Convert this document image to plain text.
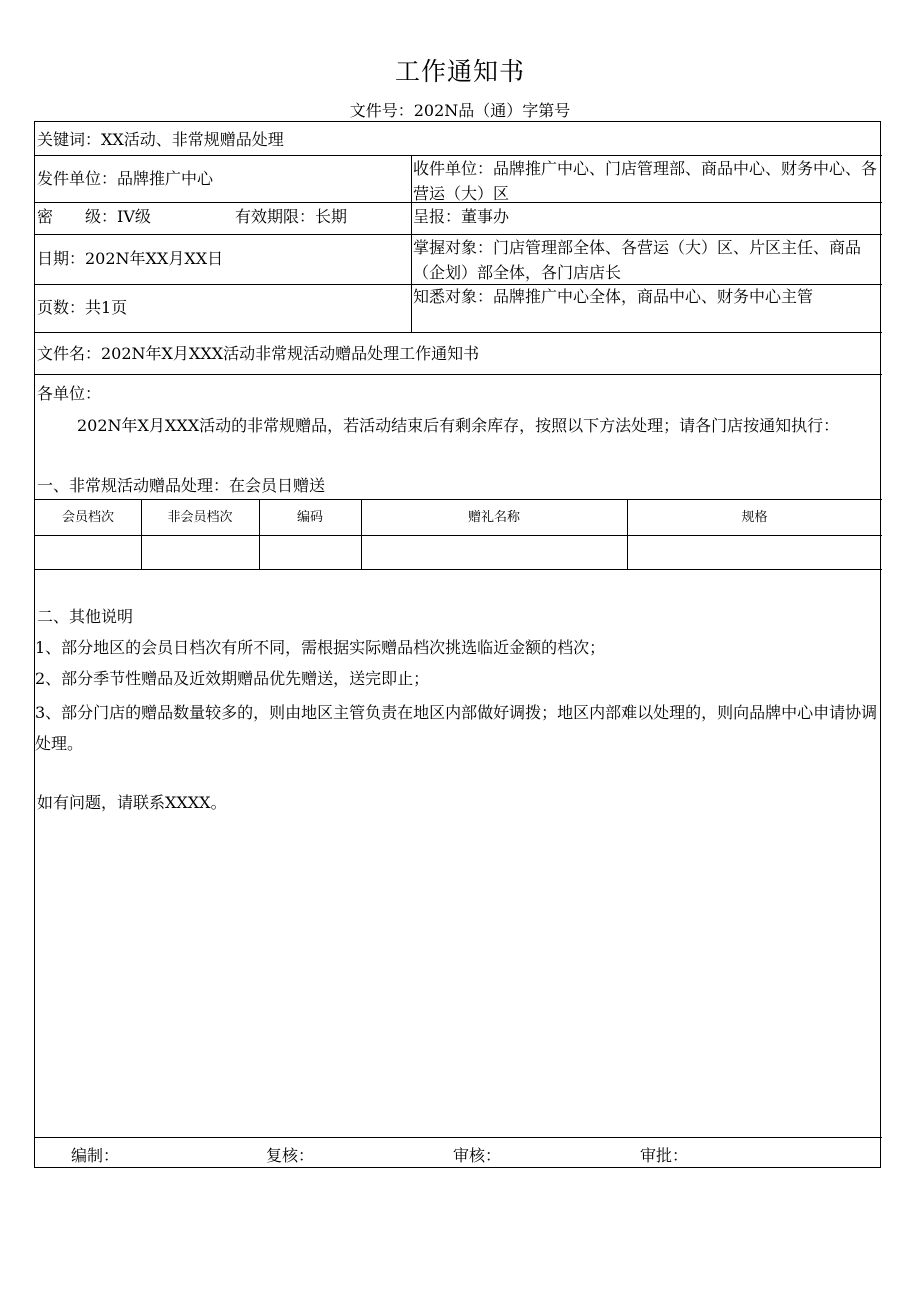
工作通知书
文件号：202N品（通）字第号
关键词：XX活动、非常规赠品处理
发件单位：品牌推广中心
收件单位：品牌推广中心、门店管理部、商品中心、财务中心、各营运（大）区
密　　级：IV级	有效期限：长期	呈报：董事办
日期：202N年XX月XX日
掌握对象：门店管理部全体、各营运（大）区、片区主任、商品（企划）部全体，各门店店长
页数：共1页
知悉对象：品牌推广中心全体，商品中心、财务中心主管
文件名：202N年X月XXX活动非常规活动赠品处理工作通知书
各单位：
202N年X月XXX活动的非常规赠品，若活动结束后有剩余库存，按照以下方法处理；请各门店按通知执行：
一、非常规活动赠品处理：在会员日赠送
会员档次	非会员档次	编码	赠礼名称	规格
二、其他说明
1、部分地区的会员日档次有所不同，需根据实际赠品档次挑选临近金额的档次；
2、部分季节性赠品及近效期赠品优先赠送，送完即止；
3、部分门店的赠品数量较多的，则由地区主管负责在地区内部做好调拨；地区内部难以处理的，则向品牌中心申请协调处理。
如有问题，请联系XXXX。
编制：	复核：	审核：	审批：
